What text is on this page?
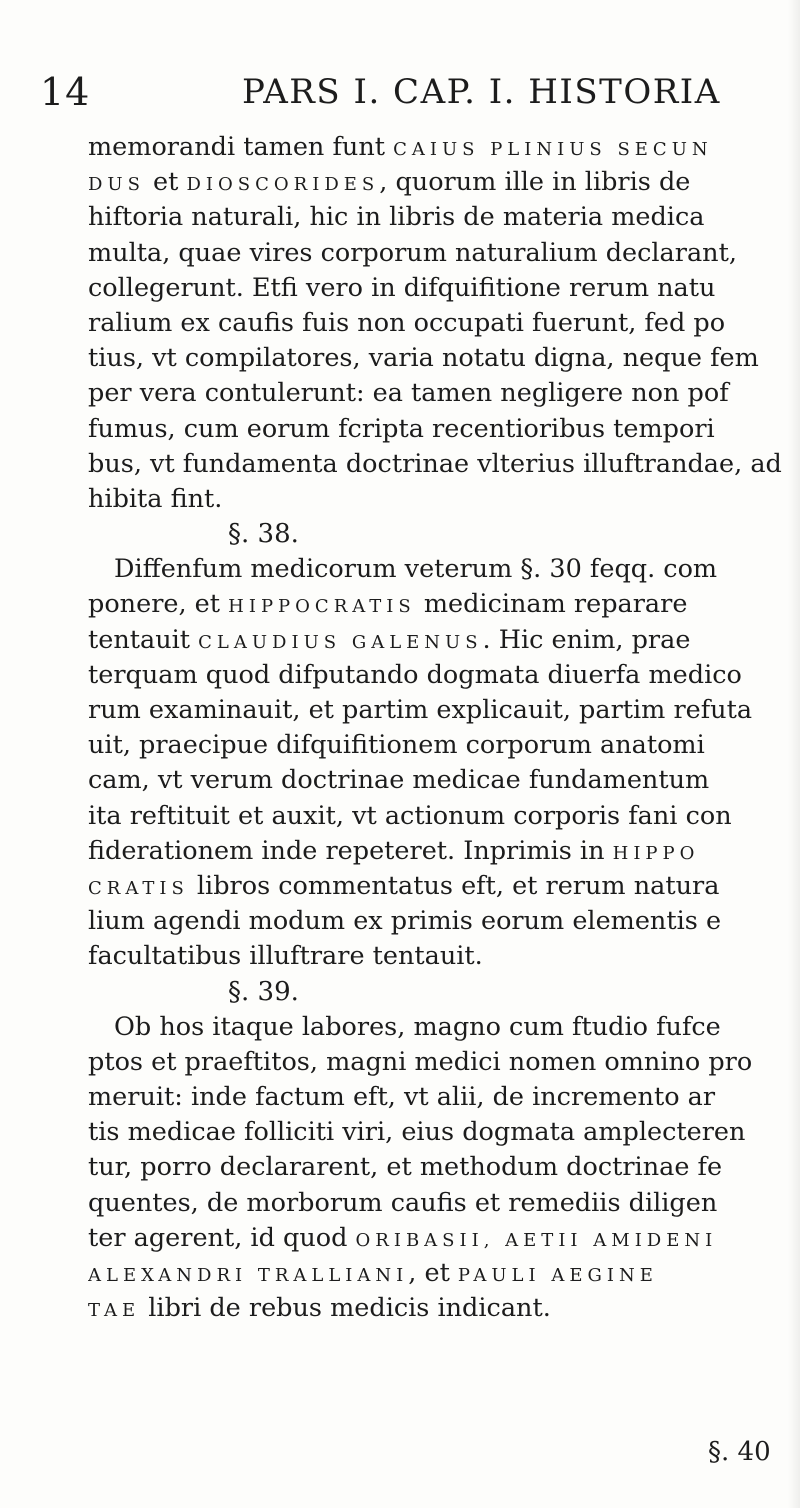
14	PARS I. CAP. I. HISTORIA
memorandi tamen funt CAIUS PLINIUS SECUN
DUS et DIOSCORIDES, quorum ille in libris de
hiftoria naturali, hic in libris de materia medica
multa, quae vires corporum naturalium declarant,
collegerunt. Etfi vero in difquifitione rerum natu
ralium ex caufis fuis non occupati fuerunt, fed po
tius, vt compilatores, varia notatu digna, neque fem
per vera contulerunt: ea tamen negligere non pof
fumus, cum eorum fcripta recentioribus tempori
bus, vt fundamenta doctrinae vlterius illuftrandae, ad
hibita fint.
§. 38.
Diffenfum medicorum veterum §. 30 feqq. com
ponere, et HIPPOCRATIS medicinam reparare
tentauit CLAUDIUS GALENUS. Hic enim, prae
terquam quod difputando dogmata diuerfa medico
rum examinauit, et partim explicauit, partim refuta
uit, praecipue difquifitionem corporum anatomi
cam, vt verum doctrinae medicae fundamentum
ita reftituit et auxit, vt actionum corporis fani con
fiderationem inde repeteret. Inprimis in HIPPO
CRATIS libros commentatus eft, et rerum natura
lium agendi modum ex primis eorum elementis e
facultatibus illuftrare tentauit.
§. 39.
Ob hos itaque labores, magno cum ftudio fufce
ptos et praeftitos, magni medici nomen omnino pro
meruit: inde factum eft, vt alii, de incremento ar
tis medicae folliciti viri, eius dogmata amplecteren
tur, porro declararent, et methodum doctrinae fe
quentes, de morborum caufis et remediis diligen
ter agerent, id quod ORIBASII, AETII AMIDENI
ALEXANDRI TRALLIANI, et PAULI AEGINE
TAE libri de rebus medicis indicant.
§. 40
